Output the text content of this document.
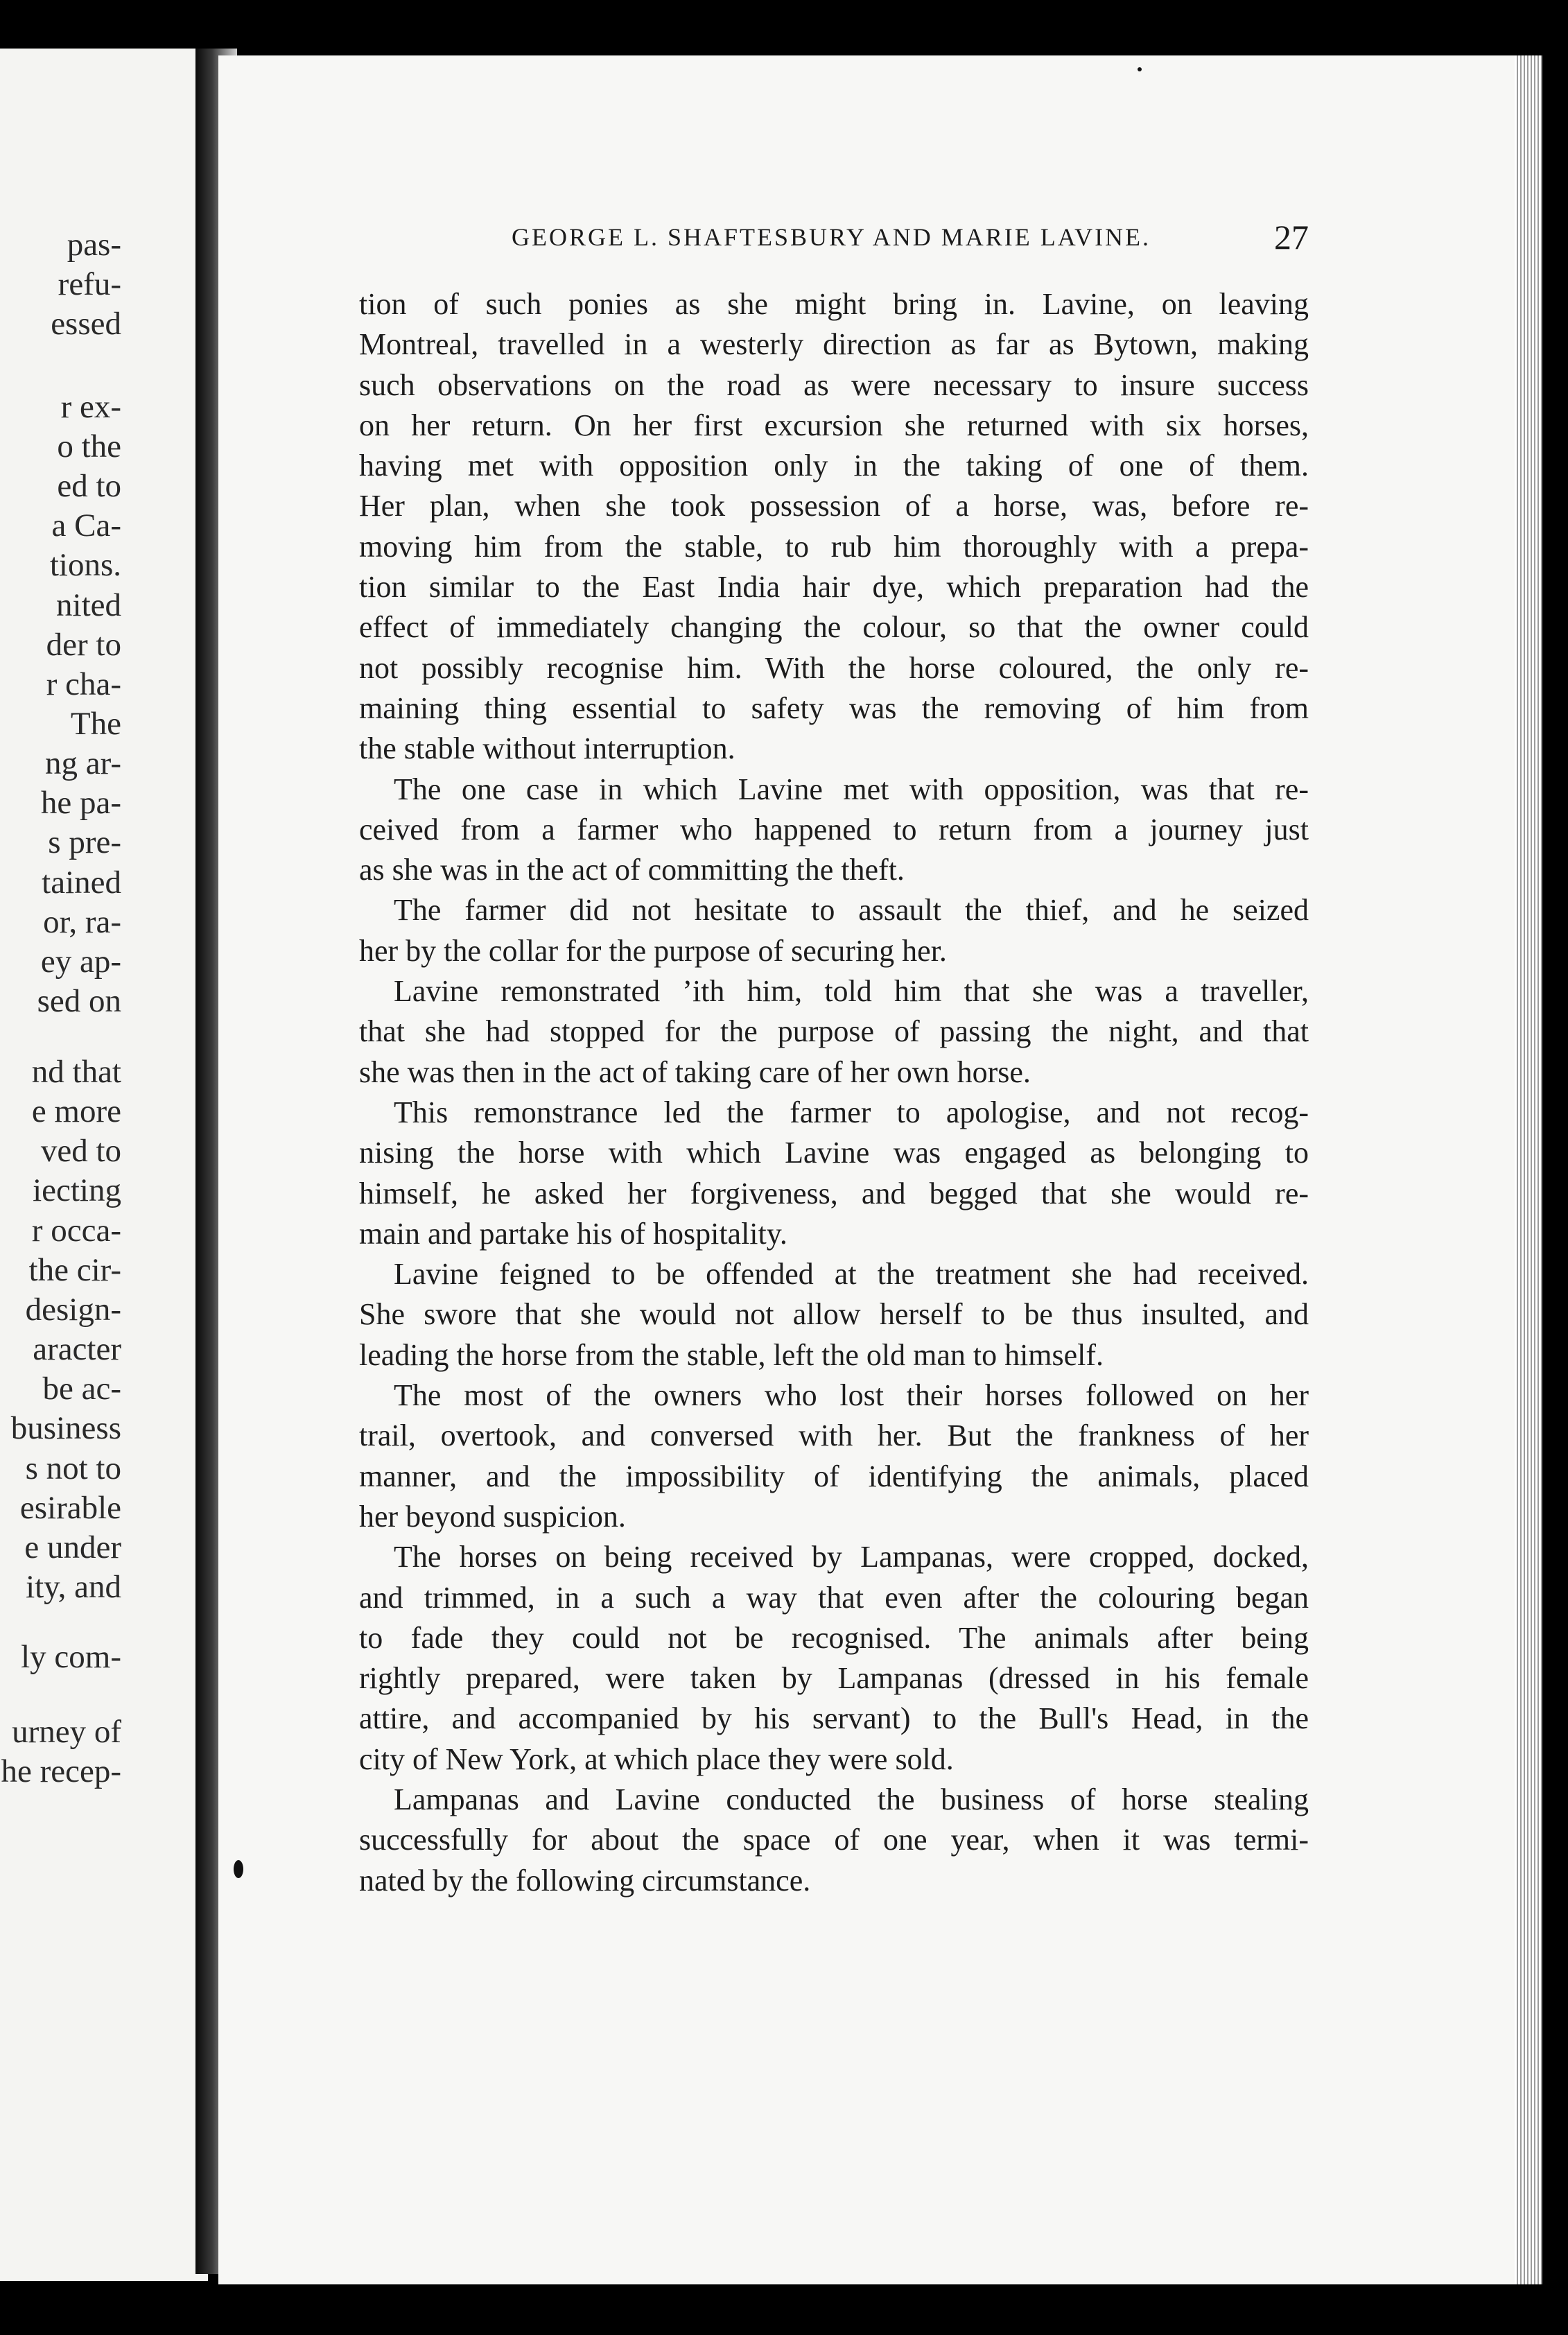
pas-
refu-
essed
r ex-
o the
ed to
a Ca-
tions.
nited
der to
r cha-
The
ng ar-
he pa-
s pre-
tained
or, ra-
ey ap-
sed on
nd that
e more
ved to
iecting
r occa-
the cir-
design-
aracter
be ac-
business
s not to
esirable
e under
ity, and
ly com-
urney of
he recep-
GEORGE L. SHAFTESBURY AND MARIE LAVINE.	27
tion of such ponies as she might bring in. Lavine, on leaving
Montreal, travelled in a westerly direction as far as Bytown, making
such observations on the road as were necessary to insure success
on her return. On her first excursion she returned with six horses,
having met with opposition only in the taking of one of them.
Her plan, when she took possession of a horse, was, before re-
moving him from the stable, to rub him thoroughly with a prepa-
tion similar to the East India hair dye, which preparation had the
effect of immediately changing the colour, so that the owner could
not possibly recognise him. With the horse coloured, the only re-
maining thing essential to safety was the removing of him from
the stable without interruption.
The one case in which Lavine met with opposition, was that re-
ceived from a farmer who happened to return from a journey just
as she was in the act of committing the theft.
The farmer did not hesitate to assault the thief, and he seized
her by the collar for the purpose of securing her.
Lavine remonstrated ʼith him, told him that she was a traveller,
that she had stopped for the purpose of passing the night, and that
she was then in the act of taking care of her own horse.
This remonstrance led the farmer to apologise, and not recog-
nising the horse with which Lavine was engaged as belonging to
himself, he asked her forgiveness, and begged that she would re-
main and partake his of hospitality.
Lavine feigned to be offended at the treatment she had received.
She swore that she would not allow herself to be thus insulted, and
leading the horse from the stable, left the old man to himself.
The most of the owners who lost their horses followed on her
trail, overtook, and conversed with her. But the frankness of her
manner, and the impossibility of identifying the animals, placed
her beyond suspicion.
The horses on being received by Lampanas, were cropped, docked,
and trimmed, in a such a way that even after the colouring began
to fade they could not be recognised. The animals after being
rightly prepared, were taken by Lampanas (dressed in his female
attire, and accompanied by his servant) to the Bull's Head, in the
city of New York, at which place they were sold.
Lampanas and Lavine conducted the business of horse stealing
successfully for about the space of one year, when it was termi-
nated by the following circumstance.
